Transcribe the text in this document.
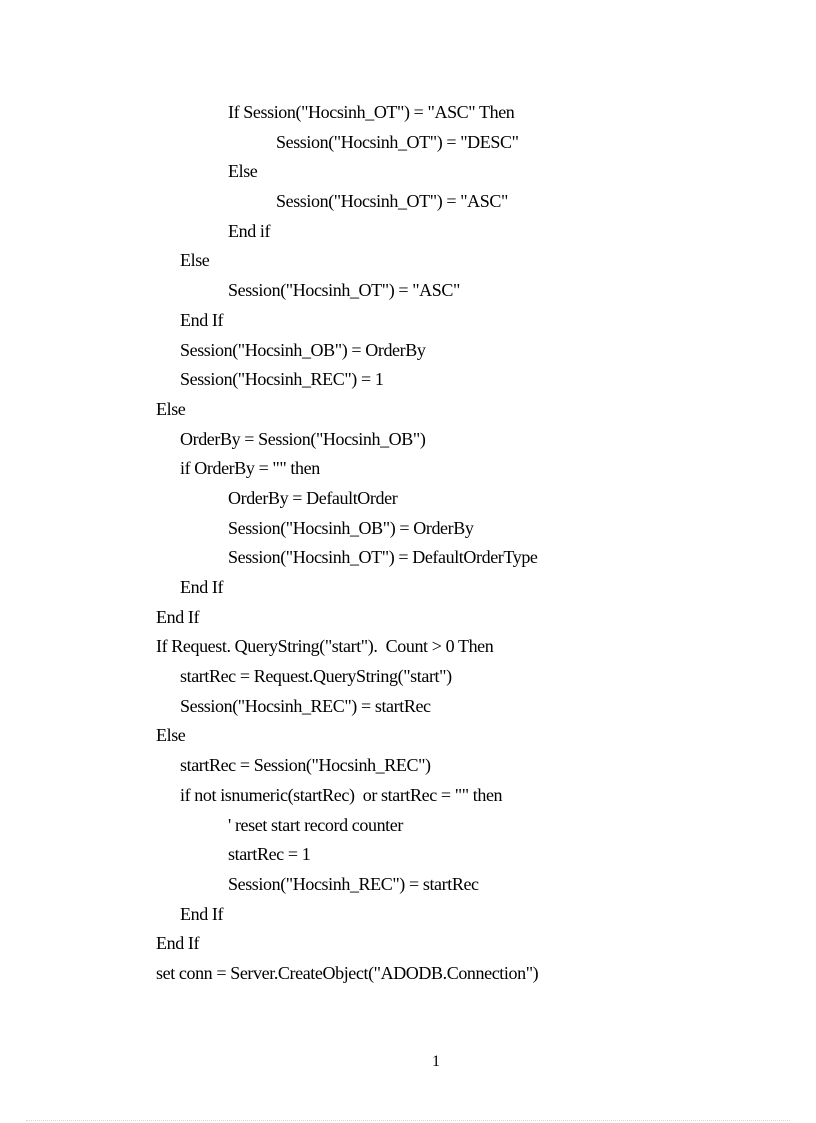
If Session("Hocsinh_OT") = "ASC" Then
Session("Hocsinh_OT") = "DESC"
Else
Session("Hocsinh_OT") = "ASC"
End if
Else
Session("Hocsinh_OT") = "ASC"
End If
Session("Hocsinh_OB") = OrderBy
Session("Hocsinh_REC") = 1
Else
OrderBy = Session("Hocsinh_OB")
if OrderBy = "" then
OrderBy = DefaultOrder
Session("Hocsinh_OB") = OrderBy
Session("Hocsinh_OT") = DefaultOrderType
End If
End If
If Request. QueryString("start").  Count > 0 Then
startRec = Request.QueryString("start")
Session("Hocsinh_REC") = startRec
Else
startRec = Session("Hocsinh_REC")
if not isnumeric(startRec)  or startRec = "" then
' reset start record counter
startRec = 1
Session("Hocsinh_REC") = startRec
End If
End If
set conn = Server.CreateObject("ADODB.Connection")
1
